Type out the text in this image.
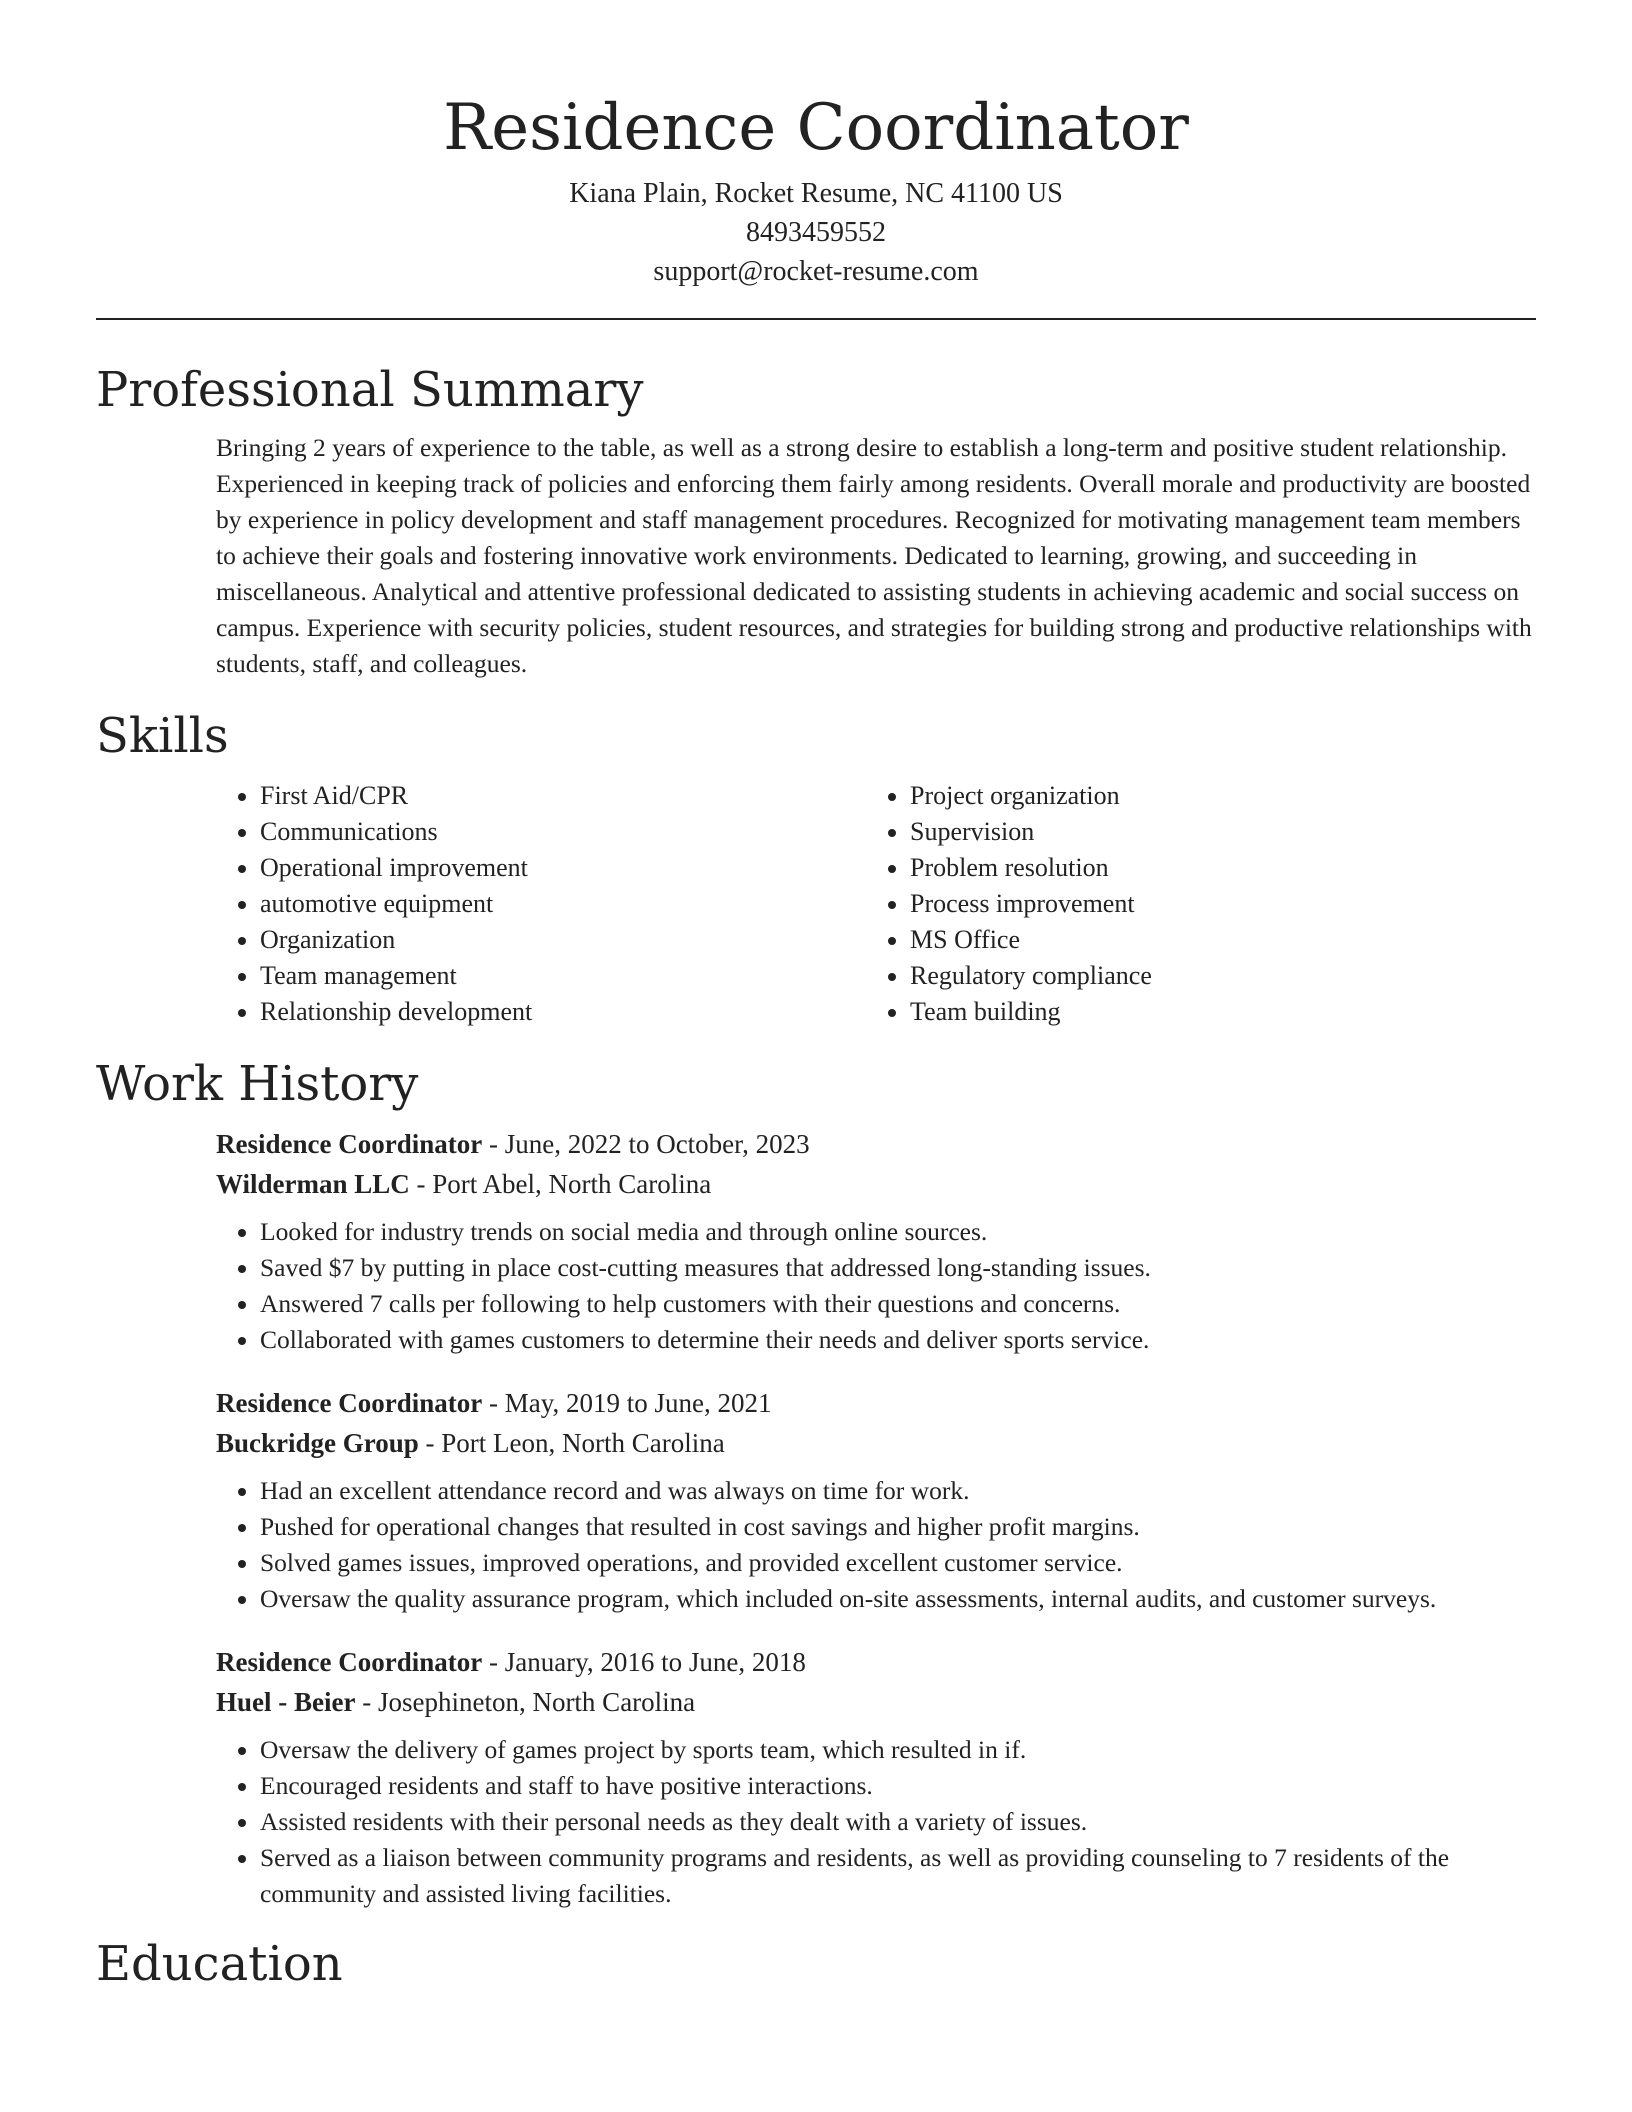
Residence Coordinator
Kiana Plain, Rocket Resume, NC 41100 US
8493459552
support@rocket-resume.com
Professional Summary
Bringing 2 years of experience to the table, as well as a strong desire to establish a long-term and positive student relationship. Experienced in keeping track of policies and enforcing them fairly among residents. Overall morale and productivity are boosted by experience in policy development and staff management procedures. Recognized for motivating management team members to achieve their goals and fostering innovative work environments. Dedicated to learning, growing, and succeeding in miscellaneous. Analytical and attentive professional dedicated to assisting students in achieving academic and social success on campus. Experience with security policies, student resources, and strategies for building strong and productive relationships with students, staff, and colleagues.
Skills
• First Aid/CPR
• Communications
• Operational improvement
• automotive equipment
• Organization
• Team management
• Relationship development
• Project organization
• Supervision
• Problem resolution
• Process improvement
• MS Office
• Regulatory compliance
• Team building
Work History
Residence Coordinator - June, 2022 to October, 2023
Wilderman LLC - Port Abel, North Carolina
• Looked for industry trends on social media and through online sources.
• Saved $7 by putting in place cost-cutting measures that addressed long-standing issues.
• Answered 7 calls per following to help customers with their questions and concerns.
• Collaborated with games customers to determine their needs and deliver sports service.
Residence Coordinator - May, 2019 to June, 2021
Buckridge Group - Port Leon, North Carolina
• Had an excellent attendance record and was always on time for work.
• Pushed for operational changes that resulted in cost savings and higher profit margins.
• Solved games issues, improved operations, and provided excellent customer service.
• Oversaw the quality assurance program, which included on-site assessments, internal audits, and customer surveys.
Residence Coordinator - January, 2016 to June, 2018
Huel - Beier - Josephineton, North Carolina
• Oversaw the delivery of games project by sports team, which resulted in if.
• Encouraged residents and staff to have positive interactions.
• Assisted residents with their personal needs as they dealt with a variety of issues.
• Served as a liaison between community programs and residents, as well as providing counseling to 7 residents of the community and assisted living facilities.
Education
